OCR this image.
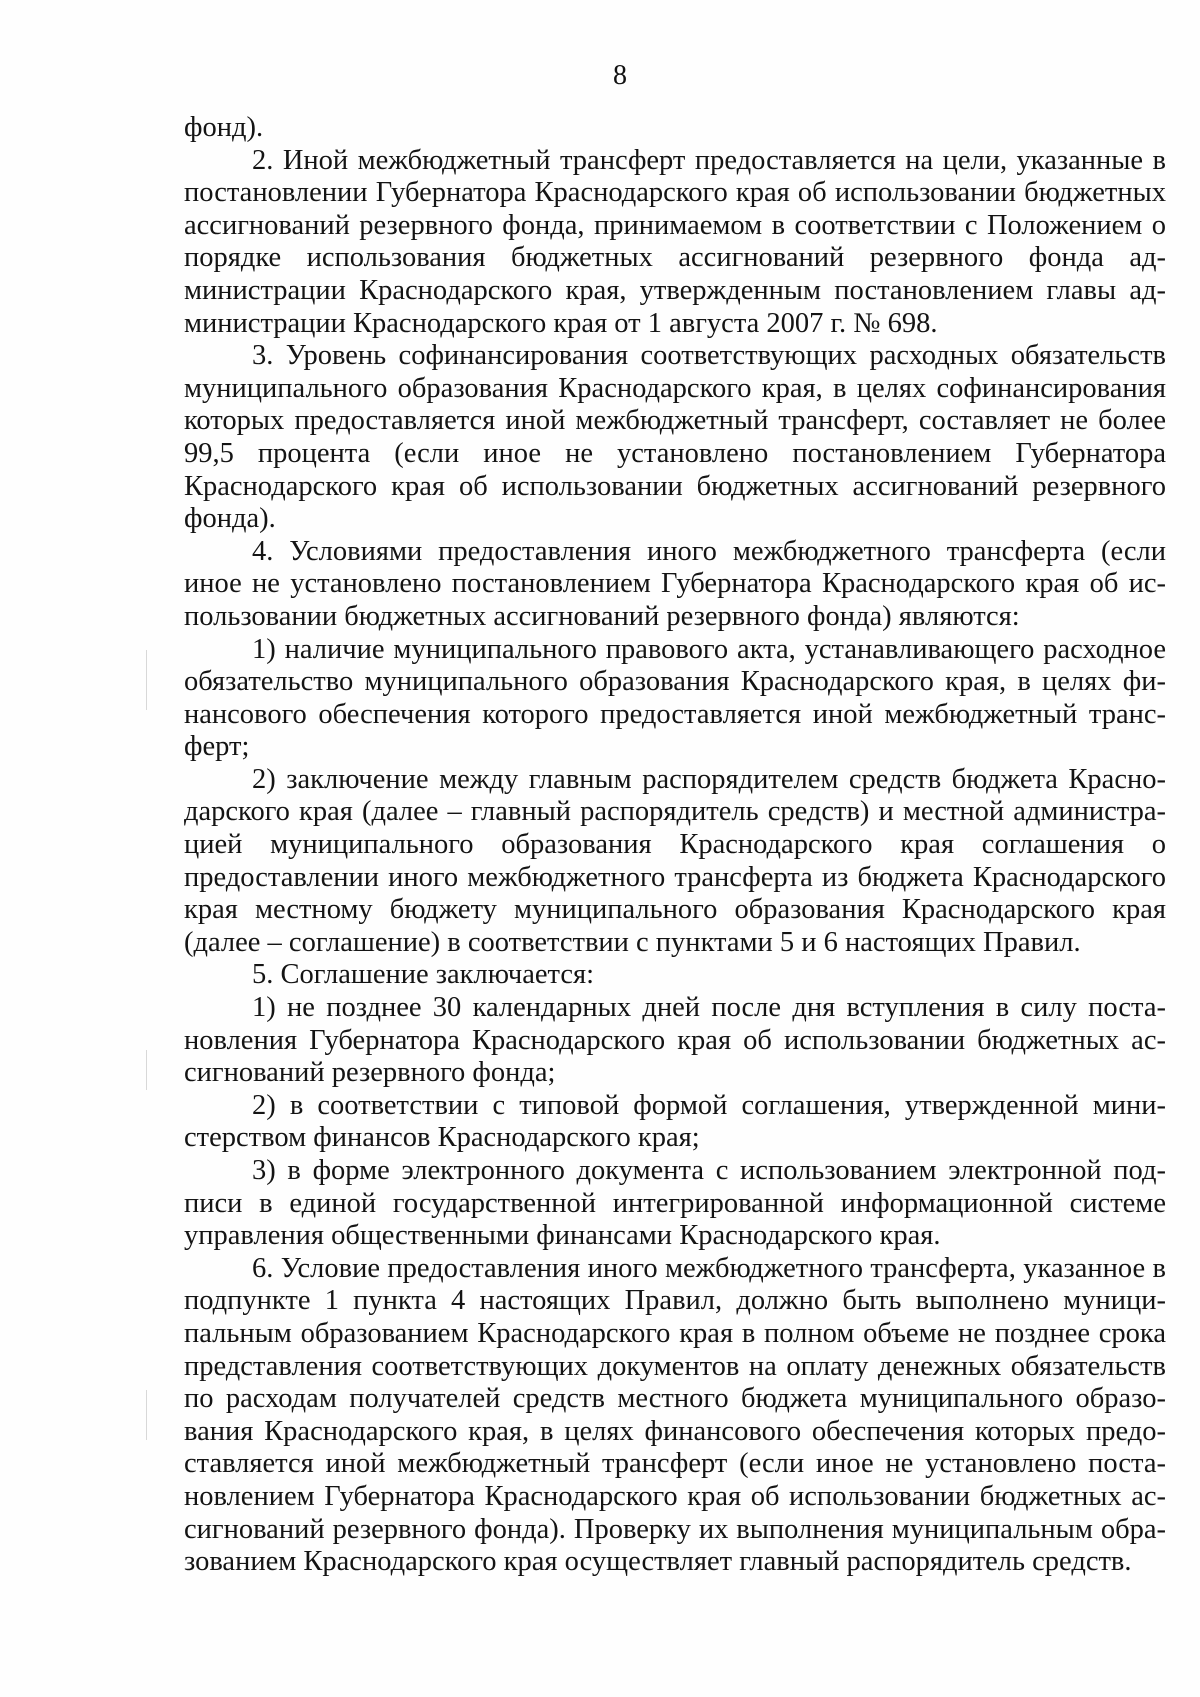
8

фонд).

2. Иной межбюджетный трансферт предоставляется на цели, указанные в постановлении Губернатора Краснодарского края об использовании бюджетных ассигнований резервного фонда, принимаемом в соответствии с Положением о порядке использования бюджетных ассигнований резервного фонда администрации Краснодарского края, утвержденным постановлением главы администрации Краснодарского края от 1 августа 2007 г. № 698.

3. Уровень софинансирования соответствующих расходных обязательств муниципального образования Краснодарского края, в целях софинансирования которых предоставляется иной межбюджетный трансферт, составляет не более 99,5 процента (если иное не установлено постановлением Губернатора Краснодарского края об использовании бюджетных ассигнований резервного фонда).

4. Условиями предоставления иного межбюджетного трансферта (если иное не установлено постановлением Губернатора Краснодарского края об использовании бюджетных ассигнований резервного фонда) являются:

1) наличие муниципального правового акта, устанавливающего расходное обязательство муниципального образования Краснодарского края, в целях финансового обеспечения которого предоставляется иной межбюджетный трансферт;

2) заключение между главным распорядителем средств бюджета Краснодарского края (далее – главный распорядитель средств) и местной администрацией муниципального образования Краснодарского края соглашения о предоставлении иного межбюджетного трансферта из бюджета Краснодарского края местному бюджету муниципального образования Краснодарского края (далее – соглашение) в соответствии с пунктами 5 и 6 настоящих Правил.

5. Соглашение заключается:

1) не позднее 30 календарных дней после дня вступления в силу постановления Губернатора Краснодарского края об использовании бюджетных ассигнований резервного фонда;

2) в соответствии с типовой формой соглашения, утвержденной министерством финансов Краснодарского края;

3) в форме электронного документа с использованием электронной подписи в единой государственной интегрированной информационной системе управления общественными финансами Краснодарского края.

6. Условие предоставления иного межбюджетного трансферта, указанное в подпункте 1 пункта 4 настоящих Правил, должно быть выполнено муниципальным образованием Краснодарского края в полном объеме не позднее срока представления соответствующих документов на оплату денежных обязательств по расходам получателей средств местного бюджета муниципального образования Краснодарского края, в целях финансового обеспечения которых предоставляется иной межбюджетный трансферт (если иное не установлено постановлением Губернатора Краснодарского края об использовании бюджетных ассигнований резервного фонда). Проверку их выполнения муниципальным образованием Краснодарского края осуществляет главный распорядитель средств.
